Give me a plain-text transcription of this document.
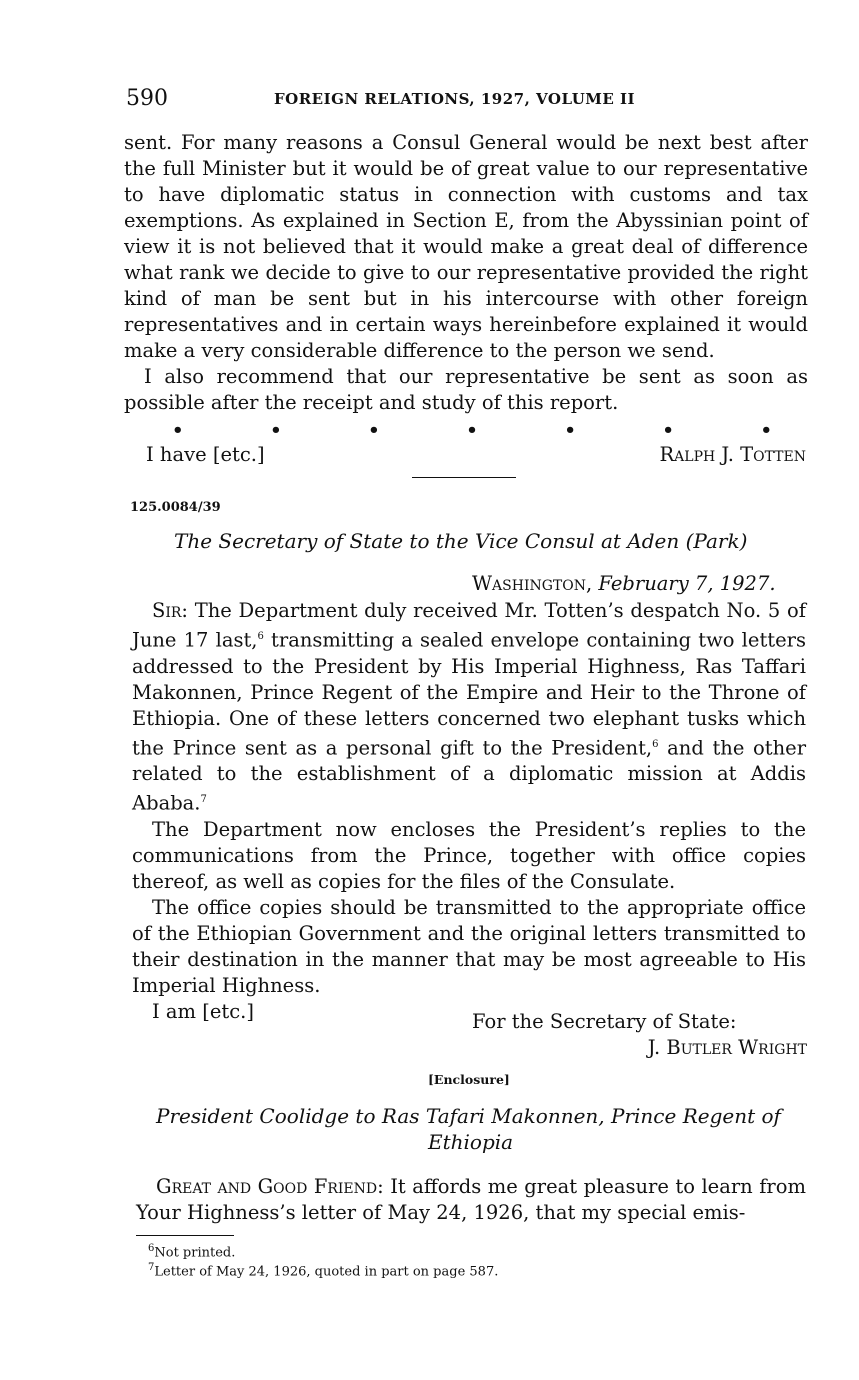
590	FOREIGN RELATIONS, 1927, VOLUME II

sent. For many reasons a Consul General would be next best after the full Minister but it would be of great value to our representative to have diplomatic status in connection with customs and tax exemptions. As explained in Section E, from the Abyssinian point of view it is not believed that it would make a great deal of difference what rank we decide to give to our representative provided the right kind of man be sent but in his intercourse with other foreign representatives and in certain ways hereinbefore explained it would make a very considerable difference to the person we send.

I also recommend that our representative be sent as soon as possible after the receipt and study of this report.

•	•	•	•	•	•	•
I have [etc.]	Ralph J. Totten
125.0084/39
The Secretary of State to the Vice Consul at Aden (Park)
Washington, February 7, 1927.

Sir: The Department duly received Mr. Totten’s despatch No. 5 of June 17 last,$^6$ transmitting a sealed envelope containing two letters addressed to the President by His Imperial Highness, Ras Taffari Makonnen, Prince Regent of the Empire and Heir to the Throne of Ethiopia. One of these letters concerned two elephant tusks which the Prince sent as a personal gift to the President,$^6$ and the other related to the establishment of a diplomatic mission at Addis Ababa.$^7$

The Department now encloses the President’s replies to the communications from the Prince, together with office copies thereof, as well as copies for the files of the Consulate.

The office copies should be transmitted to the appropriate office of the Ethiopian Government and the original letters transmitted to their destination in the manner that may be most agreeable to His Imperial Highness.

I am [etc.]	For the Secretary of State:
J. Butler Wright
[Enclosure]
President Coolidge to Ras Tafari Makonnen, Prince Regent of
Ethiopia

Great and Good Friend: It affords me great pleasure to learn from Your Highness’s letter of May 24, 1926, that my special emis-

$^6$Not printed.
$^7$Letter of May 24, 1926, quoted in part on page 587.
